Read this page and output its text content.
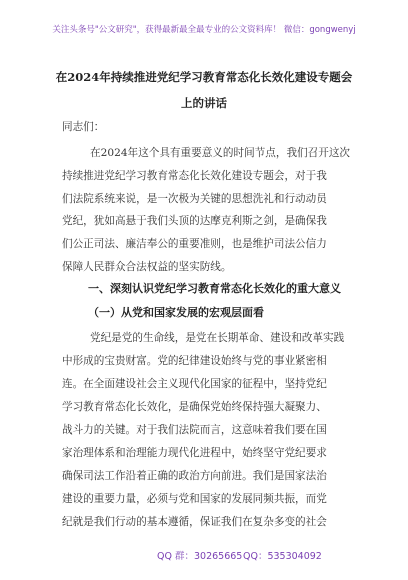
关注头条号"公文研究"，获得最新最全最专业的公文资料库！ 微信：gongwenyj
在2024年持续推进党纪学习教育常态化长效化建设专题会
上的讲话
同志们：
在2024年这个具有重要意义的时间节点，我们召开这次
持续推进党纪学习教育常态化长效化建设专题会，对于我
们法院系统来说，是一次极为关键的思想洗礼和行动动员
党纪，犹如高悬于我们头顶的达摩克利斯之剑，是确保我
们公正司法、廉洁奉公的重要准则，也是维护司法公信力
保障人民群众合法权益的坚实防线。
一、深刻认识党纪学习教育常态化长效化的重大意义
（一）从党和国家发展的宏观层面看
党纪是党的生命线，是党在长期革命、建设和改革实践
中形成的宝贵财富。党的纪律建设始终与党的事业紧密相
连。在全面建设社会主义现代化国家的征程中，坚持党纪
学习教育常态化长效化，是确保党始终保持强大凝聚力、
战斗力的关键。对于我们法院而言，这意味着我们要在国
家治理体系和治理能力现代化进程中，始终坚守党纪要求
确保司法工作沿着正确的政治方向前进。我们是国家法治
建设的重要力量，必须与党和国家的发展同频共振，而党
纪就是我们行动的基本遵循，保证我们在复杂多变的社会
QQ 群：30265665 QQ：535304092
